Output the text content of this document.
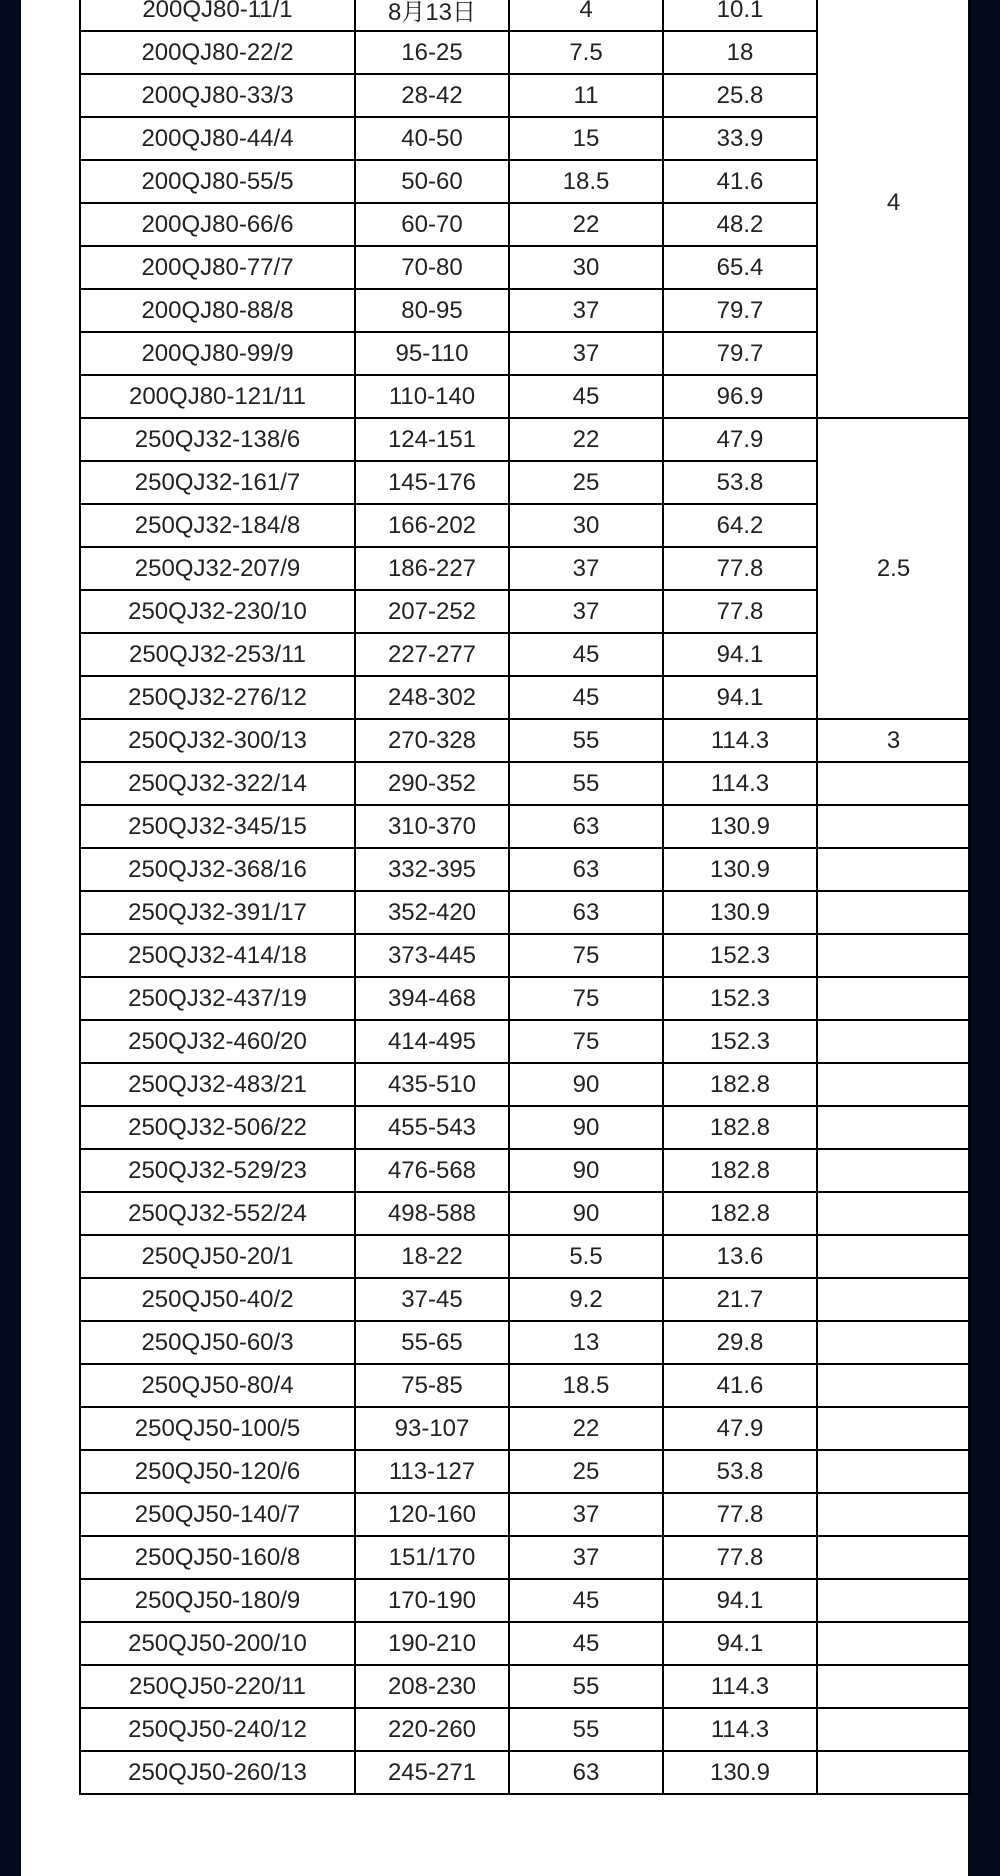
200QJ80-11/1	8月13日	4	10.1	4
200QJ80-22/2	16-25	7.5	18	
200QJ80-33/3	28-42	11	25.8	
200QJ80-44/4	40-50	15	33.9	
200QJ80-55/5	50-60	18.5	41.6	
200QJ80-66/6	60-70	22	48.2	
200QJ80-77/7	70-80	30	65.4	
200QJ80-88/8	80-95	37	79.7	
200QJ80-99/9	95-110	37	79.7	
200QJ80-121/11	110-140	45	96.9	
250QJ32-138/6	124-151	22	47.9	2.5
250QJ32-161/7	145-176	25	53.8	
250QJ32-184/8	166-202	30	64.2	
250QJ32-207/9	186-227	37	77.8	
250QJ32-230/10	207-252	37	77.8	
250QJ32-253/11	227-277	45	94.1	
250QJ32-276/12	248-302	45	94.1	
250QJ32-300/13	270-328	55	114.3	3
250QJ32-322/14	290-352	55	114.3	
250QJ32-345/15	310-370	63	130.9	
250QJ32-368/16	332-395	63	130.9	
250QJ32-391/17	352-420	63	130.9	
250QJ32-414/18	373-445	75	152.3	
250QJ32-437/19	394-468	75	152.3	
250QJ32-460/20	414-495	75	152.3	
250QJ32-483/21	435-510	90	182.8	
250QJ32-506/22	455-543	90	182.8	
250QJ32-529/23	476-568	90	182.8	
250QJ32-552/24	498-588	90	182.8	
250QJ50-20/1	18-22	5.5	13.6	
250QJ50-40/2	37-45	9.2	21.7	
250QJ50-60/3	55-65	13	29.8	
250QJ50-80/4	75-85	18.5	41.6	
250QJ50-100/5	93-107	22	47.9	
250QJ50-120/6	113-127	25	53.8	
250QJ50-140/7	120-160	37	77.8	
250QJ50-160/8	151/170	37	77.8	
250QJ50-180/9	170-190	45	94.1	
250QJ50-200/10	190-210	45	94.1	
250QJ50-220/11	208-230	55	114.3	
250QJ50-240/12	220-260	55	114.3	
250QJ50-260/13	245-271	63	130.9	
